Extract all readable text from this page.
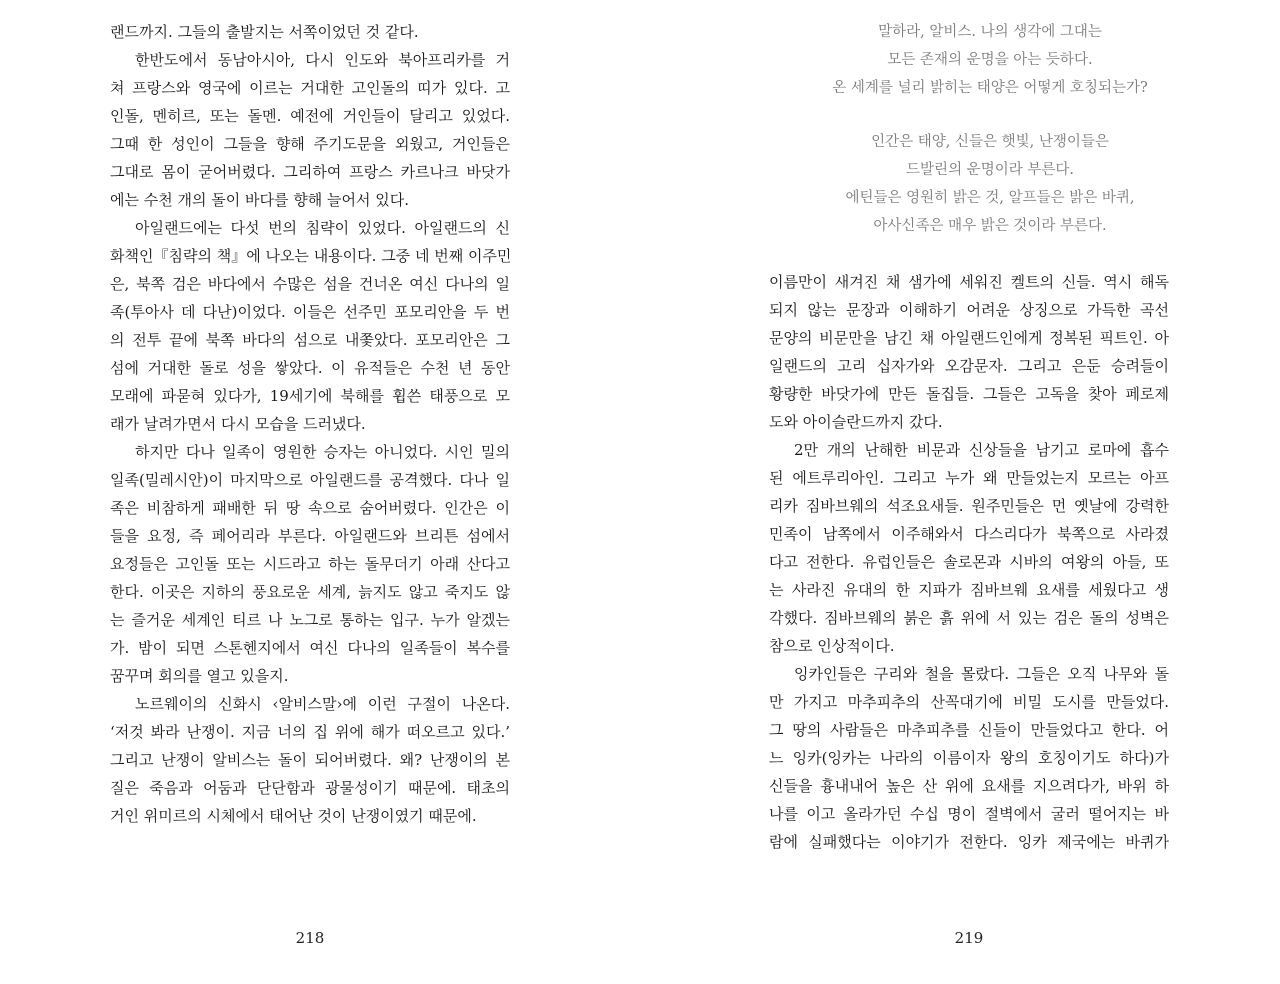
랜드까지. 그들의 출발지는 서쪽이었던 것 같다.
한반도에서 동남아시아, 다시 인도와 북아프리카를 거
쳐 프랑스와 영국에 이르는 거대한 고인돌의 띠가 있다. 고
인돌, 멘히르, 또는 돌멘. 예전에 거인들이 달리고 있었다.
그때 한 성인이 그들을 향해 주기도문을 외웠고, 거인들은
그대로 몸이 굳어버렸다. 그리하여 프랑스 카르나크 바닷가
에는 수천 개의 돌이 바다를 향해 늘어서 있다.
아일랜드에는 다섯 번의 침략이 있었다. 아일랜드의 신
화책인『침략의 책』에 나오는 내용이다. 그중 네 번째 이주민
은, 북쪽 검은 바다에서 수많은 섬을 건너온 여신 다나의 일
족(투아사 데 다난)이었다. 이들은 선주민 포모리안을 두 번
의 전투 끝에 북쪽 바다의 섬으로 내쫓았다. 포모리안은 그
섬에 거대한 돌로 성을 쌓았다. 이 유적들은 수천 년 동안
모래에 파묻혀 있다가, 19세기에 북해를 휩쓴 태풍으로 모
래가 날려가면서 다시 모습을 드러냈다.
하지만 다나 일족이 영원한 승자는 아니었다. 시인 밀의
일족(밀레시안)이 마지막으로 아일랜드를 공격했다. 다나 일
족은 비참하게 패배한 뒤 땅 속으로 숨어버렸다. 인간은 이
들을 요정, 즉 페어리라 부른다. 아일랜드와 브리튼 섬에서
요정들은 고인돌 또는 시드라고 하는 돌무더기 아래 산다고
한다. 이곳은 지하의 풍요로운 세계, 늙지도 않고 죽지도 않
는 즐거운 세계인 티르 나 노그로 통하는 입구. 누가 알겠는
가. 밤이 되면 스톤헨지에서 여신 다나의 일족들이 복수를
꿈꾸며 회의를 열고 있을지.
노르웨이의 신화시 ‹알비스말›에 이런 구절이 나온다.
‘저것 봐라 난쟁이. 지금 너의 집 위에 해가 떠오르고 있다.’
그리고 난쟁이 알비스는 돌이 되어버렸다. 왜? 난쟁이의 본
질은 죽음과 어둠과 단단함과 광물성이기 때문에. 태초의
거인 위미르의 시체에서 태어난 것이 난쟁이였기 때문에.
218
말하라, 알비스. 나의 생각에 그대는
모든 존재의 운명을 아는 듯하다.
온 세계를 널리 밝히는 태양은 어떻게 호칭되는가?
인간은 태양, 신들은 햇빛, 난쟁이들은
드발린의 운명이라 부른다.
에틴들은 영원히 밝은 것, 알프들은 밝은 바퀴,
아사신족은 매우 밝은 것이라 부른다.
이름만이 새겨진 채 샘가에 세워진 켈트의 신들. 역시 해독
되지 않는 문장과 이해하기 어려운 상징으로 가득한 곡선
문양의 비문만을 남긴 채 아일랜드인에게 정복된 픽트인. 아
일랜드의 고리 십자가와 오감문자. 그리고 은둔 승려들이
황량한 바닷가에 만든 돌집들. 그들은 고독을 찾아 페로제
도와 아이슬란드까지 갔다.
2만 개의 난해한 비문과 신상들을 남기고 로마에 흡수
된 에트루리아인. 그리고 누가 왜 만들었는지 모르는 아프
리카 짐바브웨의 석조요새들. 원주민들은 먼 옛날에 강력한
민족이 남쪽에서 이주해와서 다스리다가 북쪽으로 사라졌
다고 전한다. 유럽인들은 솔로몬과 시바의 여왕의 아들, 또
는 사라진 유대의 한 지파가 짐바브웨 요새를 세웠다고 생
각했다. 짐바브웨의 붉은 흙 위에 서 있는 검은 돌의 성벽은
참으로 인상적이다.
잉카인들은 구리와 철을 몰랐다. 그들은 오직 나무와 돌
만 가지고 마추피추의 산꼭대기에 비밀 도시를 만들었다.
그 땅의 사람들은 마추피추를 신들이 만들었다고 한다. 어
느 잉카(잉카는 나라의 이름이자 왕의 호칭이기도 하다)가
신들을 흉내내어 높은 산 위에 요새를 지으려다가, 바위 하
나를 이고 올라가던 수십 명이 절벽에서 굴러 떨어지는 바
람에 실패했다는 이야기가 전한다. 잉카 제국에는 바퀴가
219
